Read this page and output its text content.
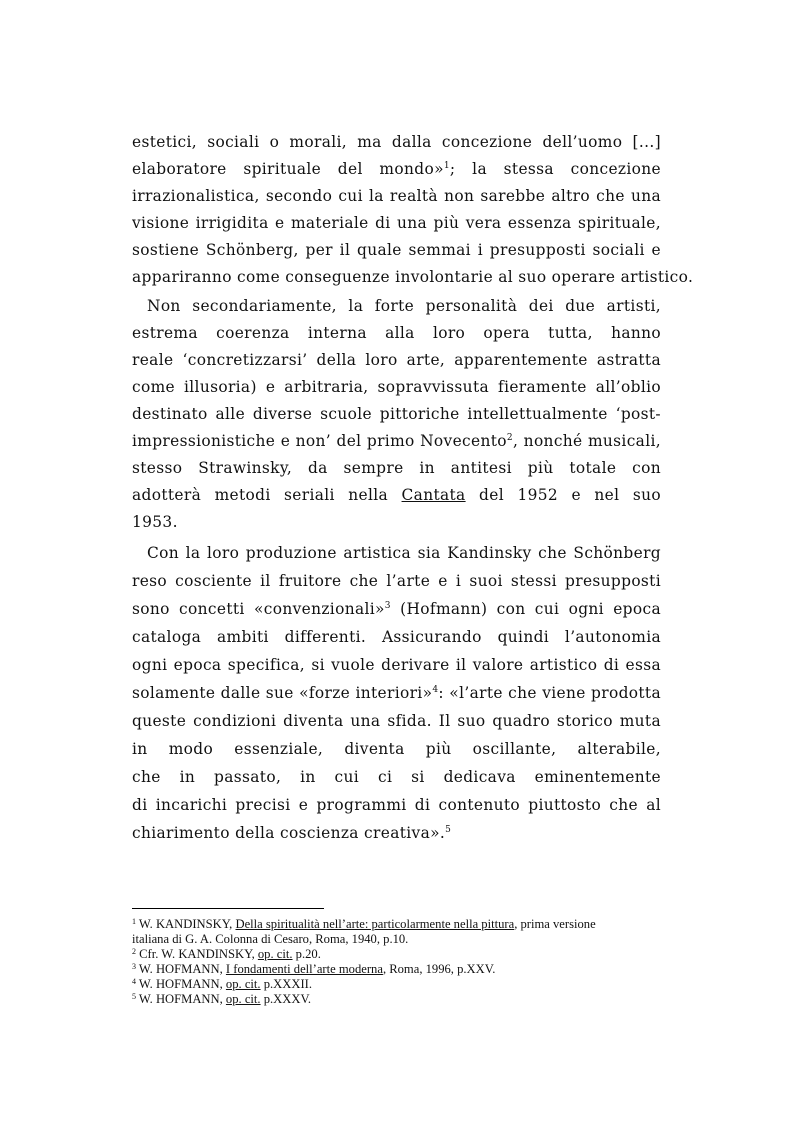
estetici, sociali o morali, ma dalla concezione dell’uomo [...]
elaboratore spirituale del mondo»$^1$; la stessa concezione
irrazionalistica, secondo cui la realtà non sarebbe altro che una
visione irrigidita e materiale di una più vera essenza spirituale,
sostiene Schönberg, per il quale semmai i presupposti sociali e
appariranno come conseguenze involontarie al suo operare artistico.
Non secondariamente, la forte personalità dei due artisti,
estrema coerenza interna alla loro opera tutta, hanno
reale ‘concretizzarsi’ della loro arte, apparentemente astratta
come illusoria) e arbitraria, sopravvissuta fieramente all’oblio
destinato alle diverse scuole pittoriche intellettualmente ‘post-
impressionistiche e non’ del primo Novecento$^2$, nonché musicali,
stesso Strawinsky, da sempre in antitesi più totale con
adotterà metodi seriali nella Cantata del 1952 e nel suo
1953.
Con la loro produzione artistica sia Kandinsky che Schönberg
reso cosciente il fruitore che l’arte e i suoi stessi presupposti
sono concetti «convenzionali»$^3$ (Hofmann) con cui ogni epoca
cataloga ambiti differenti. Assicurando quindi l’autonomia
ogni epoca specifica, si vuole derivare il valore artistico di essa
solamente dalle sue «forze interiori»$^4$: «l’arte che viene prodotta
queste condizioni diventa una sfida. Il suo quadro storico muta
in modo essenziale, diventa più oscillante, alterabile,
che in passato, in cui ci si dedicava eminentemente
di incarichi precisi e programmi di contenuto piuttosto che al
chiarimento della coscienza creativa».$^5$
$^1$ W. KANDINSKY, Della spiritualità nell’arte: particolarmente nella pittura, prima versione
italiana di G. A. Colonna di Cesaro, Roma, 1940, p.10.
$^2$ Cfr. W. KANDINSKY, op. cit. p.20.
$^3$ W. HOFMANN, I fondamenti dell’arte moderna, Roma, 1996, p.XXV.
$^4$ W. HOFMANN, op. cit. p.XXXII.
$^5$ W. HOFMANN, op. cit. p.XXXV.
